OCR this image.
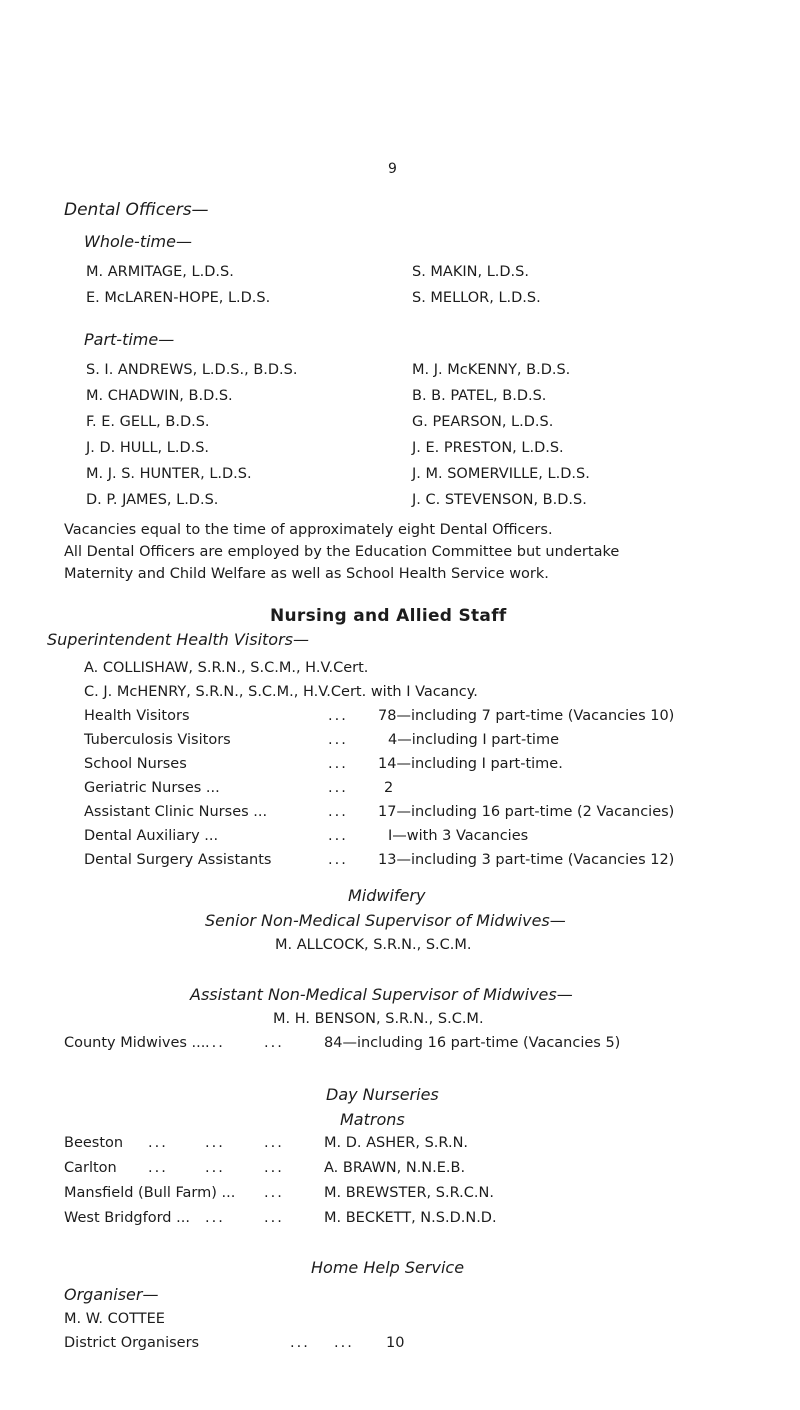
9
Dental Officers—
Whole-time—
M. ARMITAGE, L.D.S.	S. MAKIN, L.D.S.
E. McLAREN-HOPE, L.D.S.	S. MELLOR, L.D.S.
Part-time—
S. I. ANDREWS, L.D.S., B.D.S.	M. J. McKENNY, B.D.S.
M. CHADWIN, B.D.S.	B. B. PATEL, B.D.S.
F. E. GELL, B.D.S.	G. PEARSON, L.D.S.
J. D. HULL, L.D.S.	J. E. PRESTON, L.D.S.
M. J. S. HUNTER, L.D.S.	J. M. SOMERVILLE, L.D.S.
D. P. JAMES, L.D.S.	J. C. STEVENSON, B.D.S.
Vacancies equal to the time of approximately eight Dental Officers.
All Dental Officers are employed by the Education Committee but undertake
Maternity and Child Welfare as well as School Health Service work.
Nursing and Allied Staff
Superintendent Health Visitors—
A. COLLISHAW, S.R.N., S.C.M., H.V.Cert.
C. J. McHENRY, S.R.N., S.C.M., H.V.Cert. with I Vacancy.
Health Visitors	... 78—including 7 part-time (Vacancies 10)
Tuberculosis Visitors	...	4—including I part-time
School Nurses	... 14—including I part-time.
Geriatric Nurses ...	... 2
Assistant Clinic Nurses ...	... 17—including 16 part-time (2 Vacancies)
Dental Auxiliary ...	...	I—with 3 Vacancies
Dental Surgery Assistants	... 13—including 3 part-time (Vacancies 12)
Midwifery
Senior Non-Medical Supervisor of Midwives—
M. ALLCOCK, S.R.N., S.C.M.
Assistant Non-Medical Supervisor of Midwives—
M. H. BENSON, S.R.N., S.C.M.
County Midwives ... ...	...	84—including 16 part-time (Vacancies 5)
Day Nurseries
Matrons
Beeston ...	...	...	M. D. ASHER, S.R.N.
Carlton ...	...	...	A. BRAWN, N.N.E.B.
Mansfield (Bull Farm) ... ...	M. BREWSTER, S.R.C.N.
West Bridgford ... ...	...	M. BECKETT, N.S.D.N.D.
Home Help Service
Organiser—
M. W. COTTEE
District Organisers	... ... 10
